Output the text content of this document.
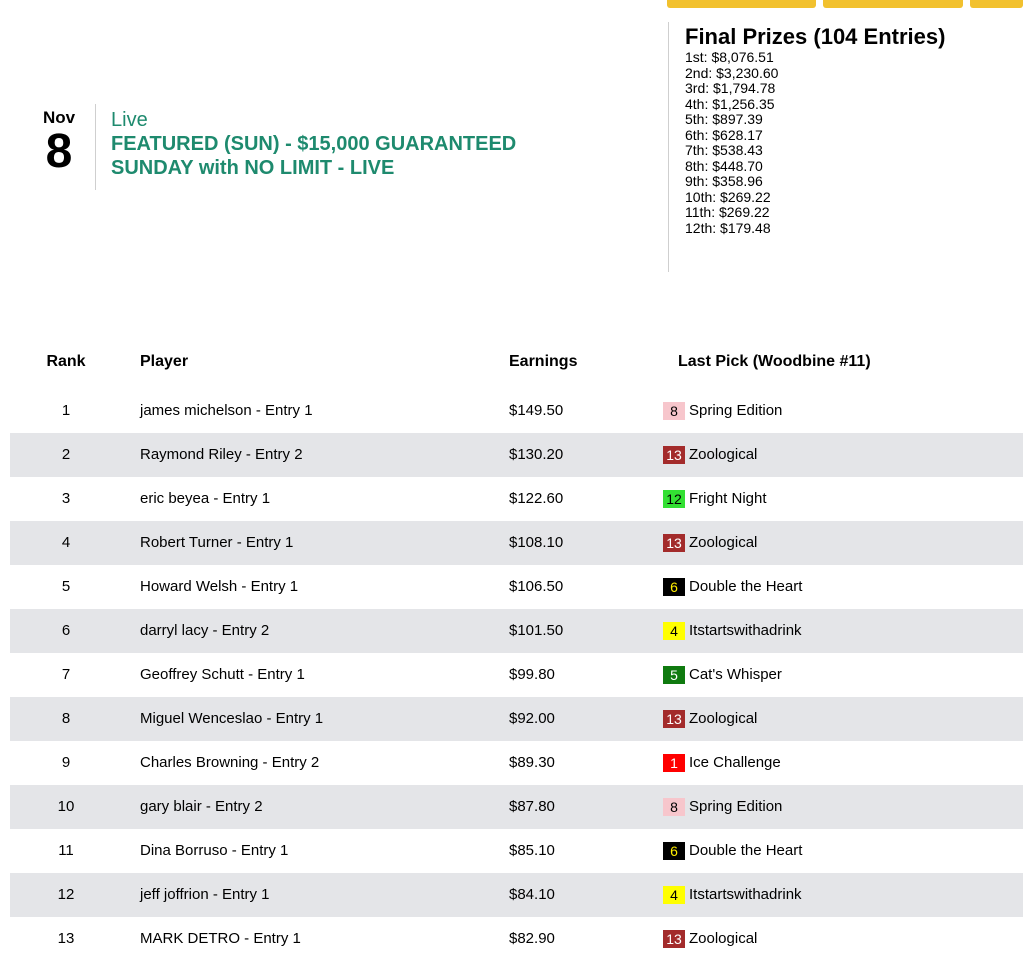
Nov
8
Live
FEATURED (SUN) - $15,000 GUARANTEED
SUNDAY with NO LIMIT - LIVE
Final Prizes (104 Entries)
1st: $8,076.51
2nd: $3,230.60
3rd: $1,794.78
4th: $1,256.35
5th: $897.39
6th: $628.17
7th: $538.43
8th: $448.70
9th: $358.96
10th: $269.22
11th: $269.22
12th: $179.48
Rank	Player	Earnings	Last Pick (Woodbine #11)
1	james michelson - Entry 1	$149.50	8 Spring Edition
2	Raymond Riley - Entry 2	$130.20	13 Zoological
3	eric beyea - Entry 1	$122.60	12 Fright Night
4	Robert Turner - Entry 1	$108.10	13 Zoological
5	Howard Welsh - Entry 1	$106.50	6 Double the Heart
6	darryl lacy - Entry 2	$101.50	4 Itstartswithadrink
7	Geoffrey Schutt - Entry 1	$99.80	5 Cat's Whisper
8	Miguel Wenceslao - Entry 1	$92.00	13 Zoological
9	Charles Browning - Entry 2	$89.30	1 Ice Challenge
10	gary blair - Entry 2	$87.80	8 Spring Edition
11	Dina Borruso - Entry 1	$85.10	6 Double the Heart
12	jeff joffrion - Entry 1	$84.10	4 Itstartswithadrink
13	MARK DETRO - Entry 1	$82.90	13 Zoological
